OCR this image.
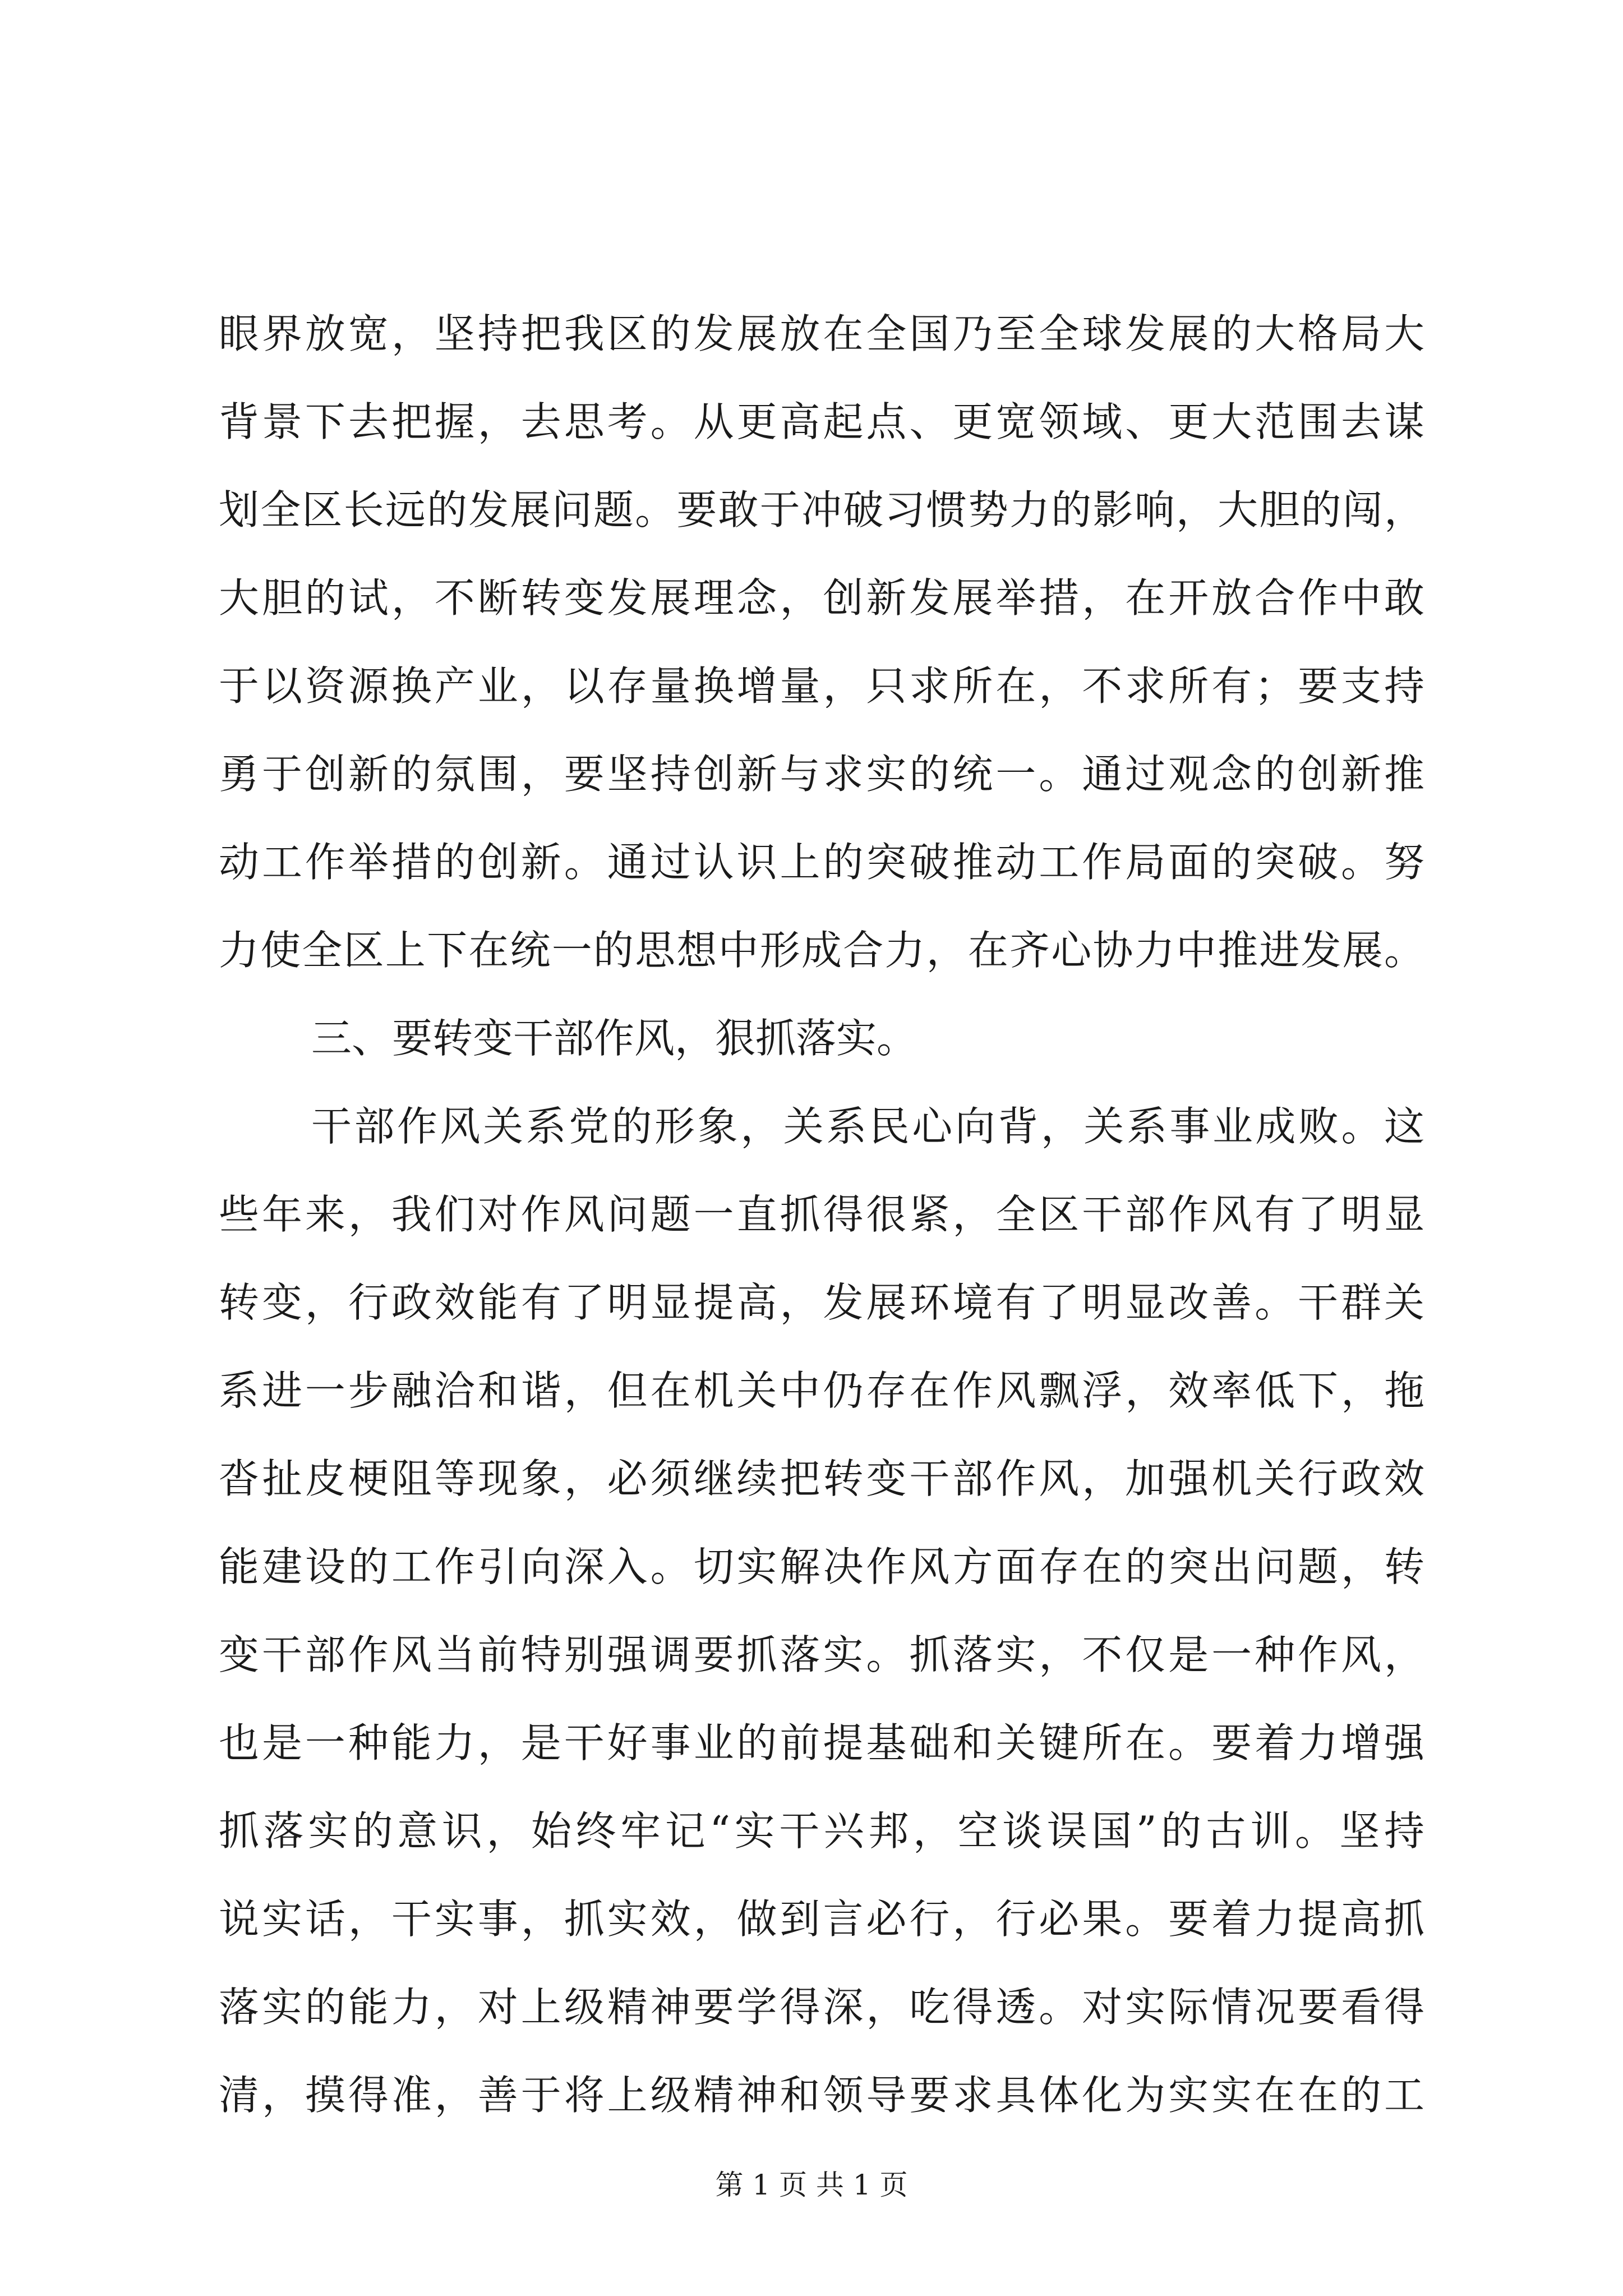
眼界放宽，坚持把我区的发展放在全国乃至全球发展的大格局大
背景下去把握，去思考。从更高起点、更宽领域、更大范围去谋
划全区长远的发展问题。要敢于冲破习惯势力的影响，大胆的闯，
大胆的试，不断转变发展理念，创新发展举措，在开放合作中敢
于以资源换产业，以存量换增量，只求所在，不求所有；要支持
勇于创新的氛围，要坚持创新与求实的统一。通过观念的创新推
动工作举措的创新。通过认识上的突破推动工作局面的突破。努
力使全区上下在统一的思想中形成合力，在齐心协力中推进发展。
三、要转变干部作风，狠抓落实。
干部作风关系党的形象，关系民心向背，关系事业成败。这
些年来，我们对作风问题一直抓得很紧，全区干部作风有了明显
转变，行政效能有了明显提高，发展环境有了明显改善。干群关
系进一步融洽和谐，但在机关中仍存在作风飘浮，效率低下，拖
沓扯皮梗阻等现象，必须继续把转变干部作风，加强机关行政效
能建设的工作引向深入。切实解决作风方面存在的突出问题，转
变干部作风当前特别强调要抓落实。抓落实，不仅是一种作风，
也是一种能力，是干好事业的前提基础和关键所在。要着力增强
抓落实的意识，始终牢记“实干兴邦，空谈误国”的古训。坚持
说实话，干实事，抓实效，做到言必行，行必果。要着力提高抓
落实的能力，对上级精神要学得深，吃得透。对实际情况要看得
清，摸得准，善于将上级精神和领导要求具体化为实实在在的工
第 1 页 共 1 页
